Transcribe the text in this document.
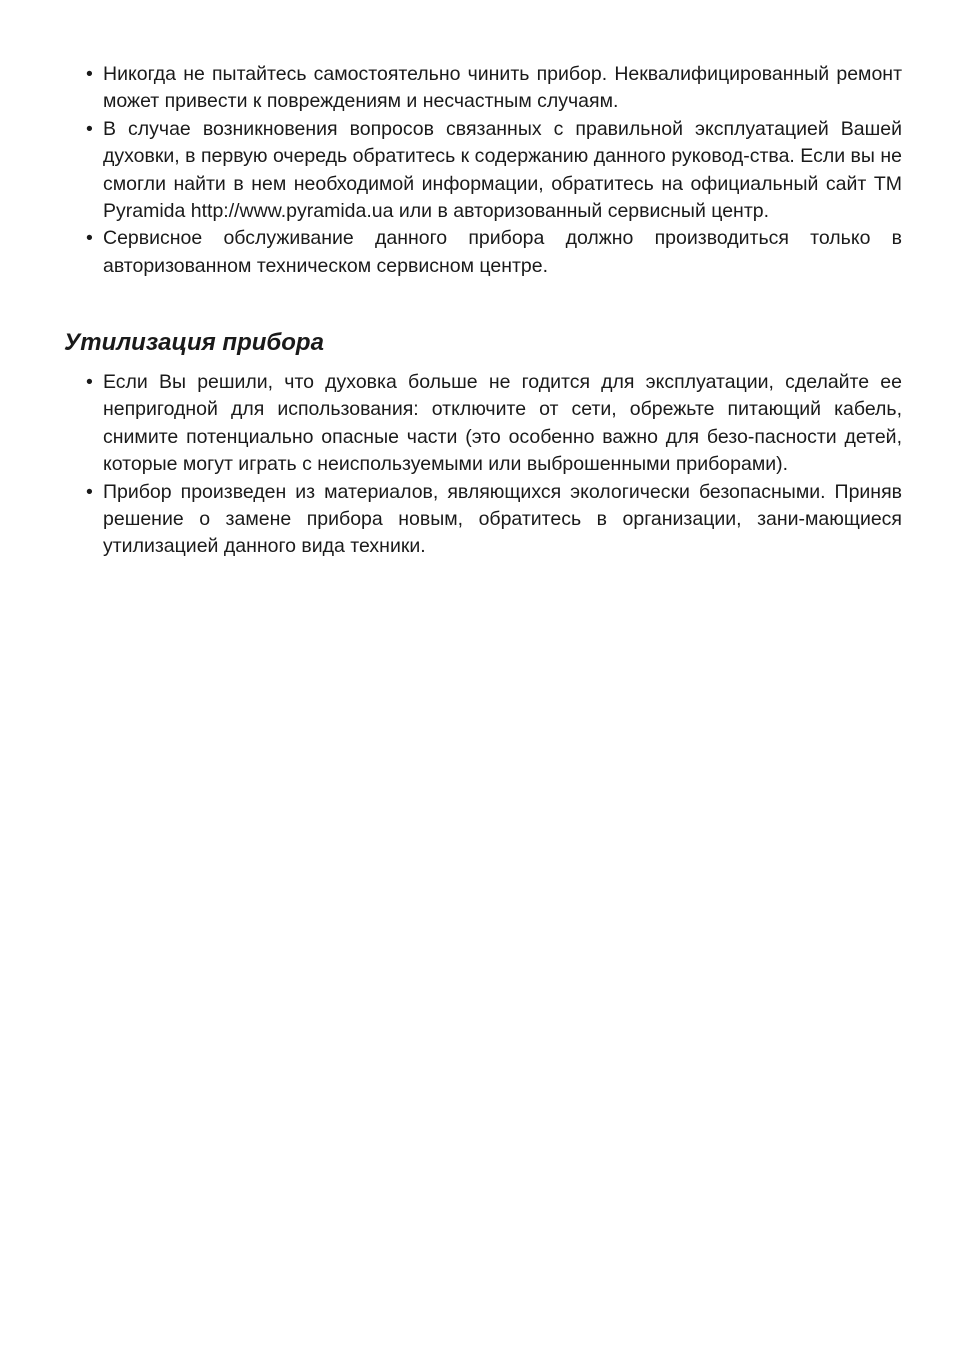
• Никогда не пытайтесь самостоятельно чинить прибор. Неквалифицированный ремонт может привести к повреждениям и несчастным случаям.
• В случае возникновения вопросов связанных с правильной эксплуатацией Вашей духовки, в первую очередь обратитесь к содержанию данного руковод-ства. Если вы не смогли найти в нем необходимой информации, обратитесь на официальный сайт ТМ Pyramida http://www.pyramida.ua или в авторизованный сервисный центр.
• Сервисное обслуживание данного прибора должно производиться только в авторизованном техническом сервисном центре.
Утилизация прибора
• Если Вы решили, что духовка больше не годится для эксплуатации, сделайте ее непригодной для использования: отключите от сети, обрежьте питающий кабель, снимите потенциально опасные части (это особенно важно для безо-пасности детей, которые могут играть с неиспользуемыми или выброшенными приборами).
• Прибор произведен из материалов, являющихся экологически безопасными. Приняв решение о замене прибора новым, обратитесь в организации, зани-мающиеся утилизацией данного вида техники.
